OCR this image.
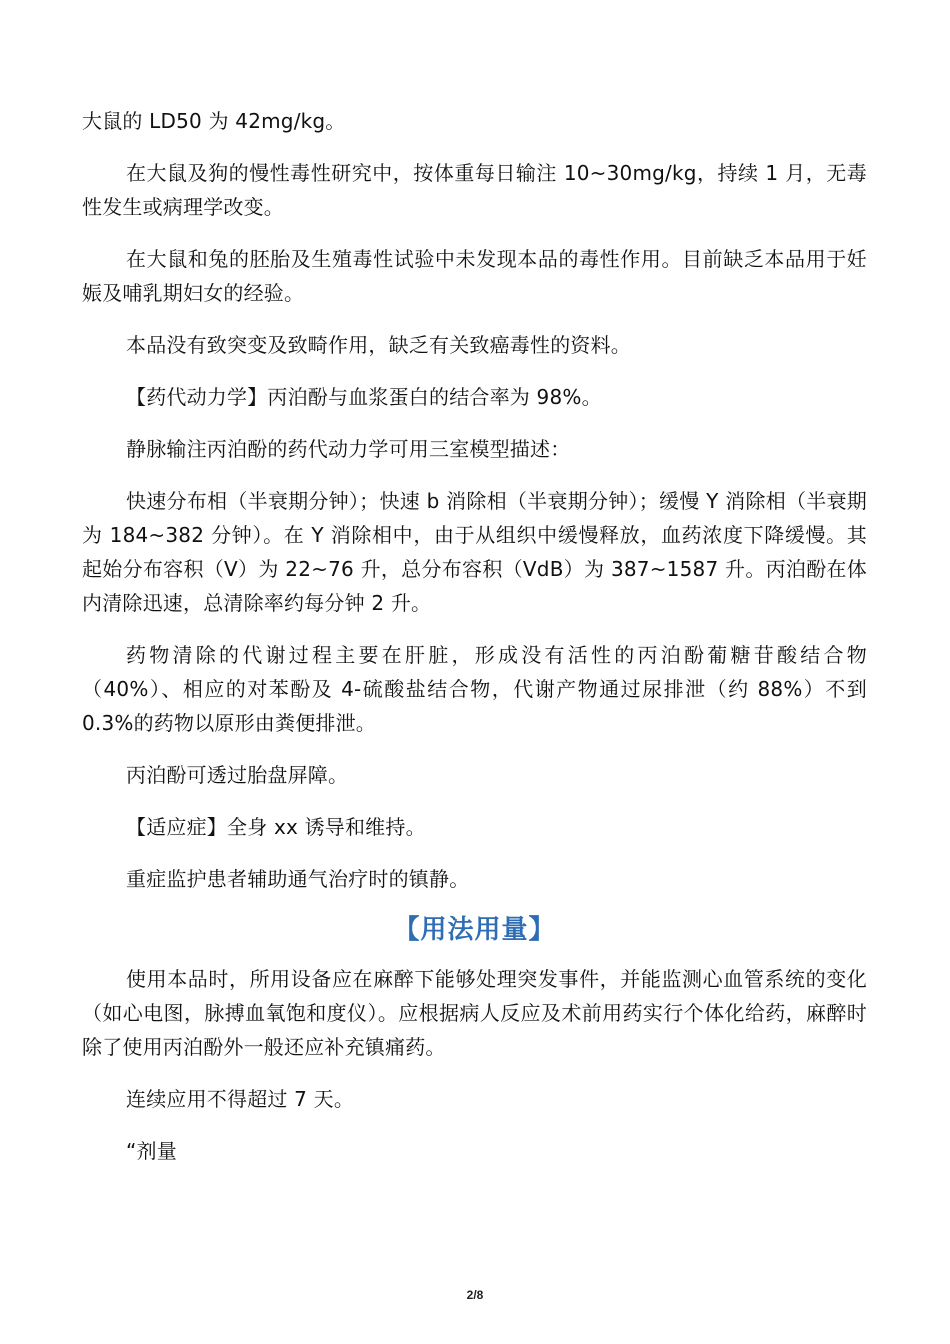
大鼠的 LD50 为 42mg/kg。

在大鼠及狗的慢性毒性研究中，按体重每日输注 10~30mg/kg，持续 1 月，无毒性发生或病理学改变。

在大鼠和兔的胚胎及生殖毒性试验中未发现本品的毒性作用。目前缺乏本品用于妊娠及哺乳期妇女的经验。

本品没有致突变及致畸作用，缺乏有关致癌毒性的资料。

【药代动力学】丙泊酚与血浆蛋白的结合率为 98%。

静脉输注丙泊酚的药代动力学可用三室模型描述：

快速分布相（半衰期分钟）；快速 b 消除相（半衰期分钟）；缓慢 Y 消除相（半衰期为 184~382 分钟）。在 Y 消除相中，由于从组织中缓慢释放，血药浓度下降缓慢。其起始分布容积（V）为 22~76 升，总分布容积（VdB）为 387~1587 升。丙泊酚在体内清除迅速，总清除率约每分钟 2 升。

药物清除的代谢过程主要在肝脏，形成没有活性的丙泊酚葡糖苷酸结合物（40%）、相应的对苯酚及 4-硫酸盐结合物，代谢产物通过尿排泄（约 88%）不到 0.3%的药物以原形由粪便排泄。

丙泊酚可透过胎盘屏障。

【适应症】全身 xx 诱导和维持。

重症监护患者辅助通气治疗时的镇静。

【用法用量】

使用本品时，所用设备应在麻醉下能够处理突发事件，并能监测心血管系统的变化（如心电图，脉搏血氧饱和度仪）。应根据病人反应及术前用药实行个体化给药，麻醉时除了使用丙泊酚外一般还应补充镇痛药。

连续应用不得超过 7 天。

“剂量

2/8
